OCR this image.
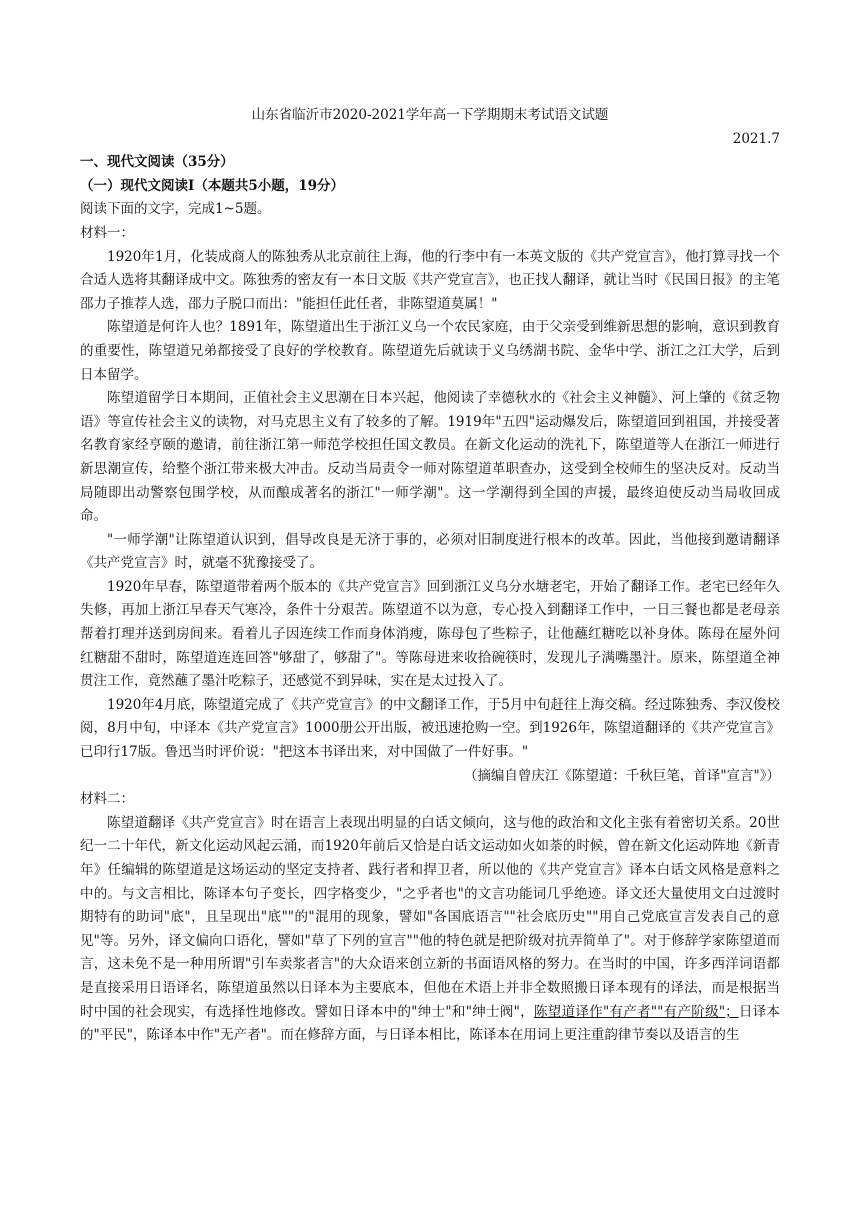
山东省临沂市2020-2021学年高一下学期期末考试语文试题

2021.7

一、现代文阅读（35分）

（一）现代文阅读Ⅰ（本题共5小题，19分）

阅读下面的文字，完成1~5题。

材料一：

1920年1月，化装成商人的陈独秀从北京前往上海，他的行李中有一本英文版的《共产党宣言》，他打算寻找一个合适人选将其翻译成中文。陈独秀的密友有一本日文版《共产党宣言》，也正找人翻译，就让当时《民国日报》的主笔邵力子推荐人选，邵力子脱口而出："能担任此任者，非陈望道莫属！"

陈望道是何许人也？1891年，陈望道出生于浙江义乌一个农民家庭，由于父亲受到维新思想的影响，意识到教育的重要性，陈望道兄弟都接受了良好的学校教育。陈望道先后就读于义乌绣湖书院、金华中学、浙江之江大学，后到日本留学。

陈望道留学日本期间，正值社会主义思潮在日本兴起，他阅读了幸德秋水的《社会主义神髓》、河上肇的《贫乏物语》等宣传社会主义的读物，对马克思主义有了较多的了解。1919年"五四"运动爆发后，陈望道回到祖国，并接受著名教育家经亨颐的邀请，前往浙江第一师范学校担任国文教员。在新文化运动的洗礼下，陈望道等人在浙江一师进行新思潮宣传，给整个浙江带来极大冲击。反动当局责令一师对陈望道革职查办，这受到全校师生的坚决反对。反动当局随即出动警察包围学校，从而酿成著名的浙江"一师学潮"。这一学潮得到全国的声援，最终迫使反动当局收回成命。

"一师学潮"让陈望道认识到，倡导改良是无济于事的，必须对旧制度进行根本的改革。因此，当他接到邀请翻译《共产党宣言》时，就毫不犹豫接受了。

1920年早春，陈望道带着两个版本的《共产党宣言》回到浙江义乌分水塘老宅，开始了翻译工作。老宅已经年久失修，再加上浙江早春天气寒冷，条件十分艰苦。陈望道不以为意，专心投入到翻译工作中，一日三餐也都是老母亲帮着打理并送到房间来。看着儿子因连续工作而身体消瘦，陈母包了些粽子，让他蘸红糖吃以补身体。陈母在屋外问红糖甜不甜时，陈望道连连回答"够甜了，够甜了"。等陈母进来收拾碗筷时，发现儿子满嘴墨汁。原来，陈望道全神贯注工作，竟然蘸了墨汁吃粽子，还感觉不到异味，实在是太过投入了。

1920年4月底，陈望道完成了《共产党宣言》的中文翻译工作，于5月中旬赶往上海交稿。经过陈独秀、李汉俊校阅，8月中旬，中译本《共产党宣言》1000册公开出版，被迅速抢购一空。到1926年，陈望道翻译的《共产党宣言》已印行17版。鲁迅当时评价说："把这本书译出来，对中国做了一件好事。"

（摘编自曾庆江《陈望道：千秋巨笔，首译"宣言"》）

材料二：

陈望道翻译《共产党宣言》时在语言上表现出明显的白话文倾向，这与他的政治和文化主张有着密切关系。20世纪一二十年代，新文化运动风起云涌，而1920年前后又恰是白话文运动如火如荼的时候，曾在新文化运动阵地《新青年》任编辑的陈望道是这场运动的坚定支持者、践行者和捍卫者，所以他的《共产党宣言》译本白话文风格是意料之中的。与文言相比，陈译本句子变长，四字格变少，"之乎者也"的文言功能词几乎绝迹。译文还大量使用文白过渡时期特有的助词"底"，且呈现出"底""的"混用的现象，譬如"各国底语言""社会底历史""用自己党底宣言发表自己的意见"等。另外，译文偏向口语化，譬如"草了下列的宣言""他的特色就是把阶级对抗弄简单了"。对于修辞学家陈望道而言，这未免不是一种用所谓"引车卖浆者言"的大众语来创立新的书面语风格的努力。在当时的中国，许多西洋词语都是直接采用日语译名，陈望道虽然以日译本为主要底本，但他在术语上并非全数照搬日译本现有的译法，而是根据当时中国的社会现实，有选择性地修改。譬如日译本中的"绅士"和"绅士阀"，陈望道译作"有产者""有产阶级"；日译本的"平民"，陈译本中作"无产者"。而在修辞方面，与日译本相比，陈译本在用词上更注重韵律节奏以及语言的生
